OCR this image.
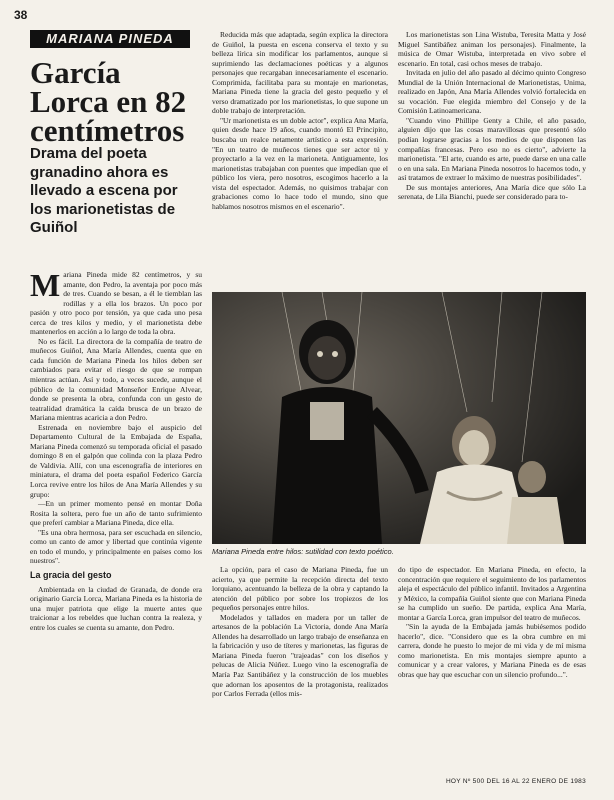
38
MARIANA PINEDA
García Lorca en 82 centímetros
Drama del poeta granadino ahora es llevado a escena por los marionetistas de Guiñol

Mariana Pineda mide 82 centímetros, y su amante, don Pedro, la aventaja por poco más de tres. Cuando se besan, a él le tiemblan las rodillas y a ella los brazos. Un poco por pasión y otro poco por tensión, ya que cada uno pesa cerca de tres kilos y medio, y el marionetista debe mantenerlos en acción a lo largo de toda la obra.

No es fácil. La directora de la compañía de teatro de muñecos Guiñol, Ana María Allendes, cuenta que en cada función de Mariana Pineda los hilos deben ser cambiados para evitar el riesgo de que se rompan mientras actúan. Así y todo, a veces sucede, aunque el público de la comunidad Monseñor Enrique Alvear, donde se presenta la obra, confunda con un gesto de teatralidad dramática la caída brusca de un brazo de Mariana mientras acaricia a don Pedro.

Estrenada en noviembre bajo el auspicio del Departamento Cultural de la Embajada de España, Mariana Pineda comenzó su temporada oficial el pasado domingo 8 en el galpón que colinda con la plaza Pedro de Valdivia. Allí, con una escenografía de interiores en miniatura, el drama del poeta español Federico García Lorca revive entre los hilos de Ana María Allendes y su grupo:

—En un primer momento pensé en montar Doña Rosita la soltera, pero fue un año de tanto sufrimiento que preferí cambiar a Mariana Pineda, dice ella.

"Es una obra hermosa, para ser escuchada en silencio, como un canto de amor y libertad que continúa vigente en todo el mundo, y principalmente en países como los nuestros".

La gracia del gesto

Ambientada en la ciudad de Granada, de donde era originario García Lorca, Mariana Pineda es la historia de una mujer patriota que elige la muerte antes que traicionar a los rebeldes que luchan contra la realeza, y entre los cuales se cuenta su amante, don Pedro.

Reducida más que adaptada, según explica la directora de Guiñol, la puesta en escena conserva el texto y su belleza lírica sin modificar los parlamentos, aunque si suprimiendo las declamaciones poéticas y a algunos personajes que recargaban innecesariamente el escenario. Comprimida, facilitaba para su montaje en marionetas, Mariana Pineda tiene la gracia del gesto pequeño y el verso dramatizado por los marionetistas, lo que supone un doble trabajo de interpretación.

"Ur marionetista es un doble actor", explica Ana María, quien desde hace 19 años, cuando montó El Principito, buscaba un realce netamente artístico a esta expresión. "En un teatro de muñecos tienes que ser actor tú y proyectarlo a la vez en la marioneta. Antiguamente, los marionetistas trabajaban con puentes que impedían que el público los viera, pero nosotros, escogimos hacerlo a la vista del espectador. Además, no quisimos trabajar con grabaciones como lo hace todo el mundo, sino que hablamos nosotros mismos en el escenario".

Los marionetistas son Lina Wistuba, Teresita Matta y José Miguel Santibáñez animan los personajes). Finalmente, la música de Omar Wistuba, interpretada en vivo sobre el escenario. En total, casi ochos meses de trabajo.

Invitada en julio del año pasado al décimo quinto Congreso Mundial de la Unión Internacional de Marionetistas, Unima, realizado en Japón, Ana María Allendes volvió fortalecida en su vocación. Fue elegida miembro del Consejo y de la Comisión Latinoamericana.

"Cuando vino Phillipe Genty a Chile, el año pasado, alguien dijo que las cosas maravillosas que presentó sólo podían lograrse gracias a los medios de que disponen las compañías francesas. Pero eso no es cierto", advierte la marionetista. "El arte, cuando es arte, puede darse en una calle o en una sala. En Mariana Pineda nosotros lo hacemos todo, y así tratamos de extraer lo máximo de nuestras posibilidades".

De sus montajes anteriores, Ana María dice que sólo La serenata, de Lila Bianchi, puede ser considerado para to-

Mariana Pineda entre hilos: sutilidad con texto poético.

La opción, para el caso de Mariana Pineda, fue un acierto, ya que permite la recepción directa del texto lorquiano, acentuando la belleza de la obra y captando la atención del público por sobre los tropiezos de los pequeños personajes entre hilos.

Modelados y tallados en madera por un taller de artesanos de la población La Victoria, donde Ana María Allendes ha desarrollado un largo trabajo de enseñanza en la fabricación y uso de títeres y marionetas, las figuras de Mariana Pineda fueron "trajeadas" con los diseños y pelucas de Alicia Núñez. Luego vino la escenografía de María Paz Santibáñez y la construcción de los muebles que adornan los aposentos de la protagonista, realizados por Carlos Ferrada (ellos mis-

do tipo de espectador. En Mariana Pineda, en efecto, la concentración que requiere el seguimiento de los parlamentos aleja el espectáculo del público infantil. Invitados a Argentina y México, la compañía Guiñol siente que con Mariana Pineda se ha cumplido un sueño. De partida, explica Ana María, montar a García Lorca, gran impulsor del teatro de muñecos.

"Sin la ayuda de la Embajada jamás hubiésemos podido hacerlo", dice. "Considero que es la obra cumbre en mi carrera, donde he puesto lo mejor de mi vida y de mí misma como marionetista. En mis montajes siempre apunto a comunicar y a crear valores, y Mariana Pineda es de esas obras que hay que escuchar con un silencio profundo...".

HOY Nº 500 DEL 16 AL 22 ENERO DE 1983
